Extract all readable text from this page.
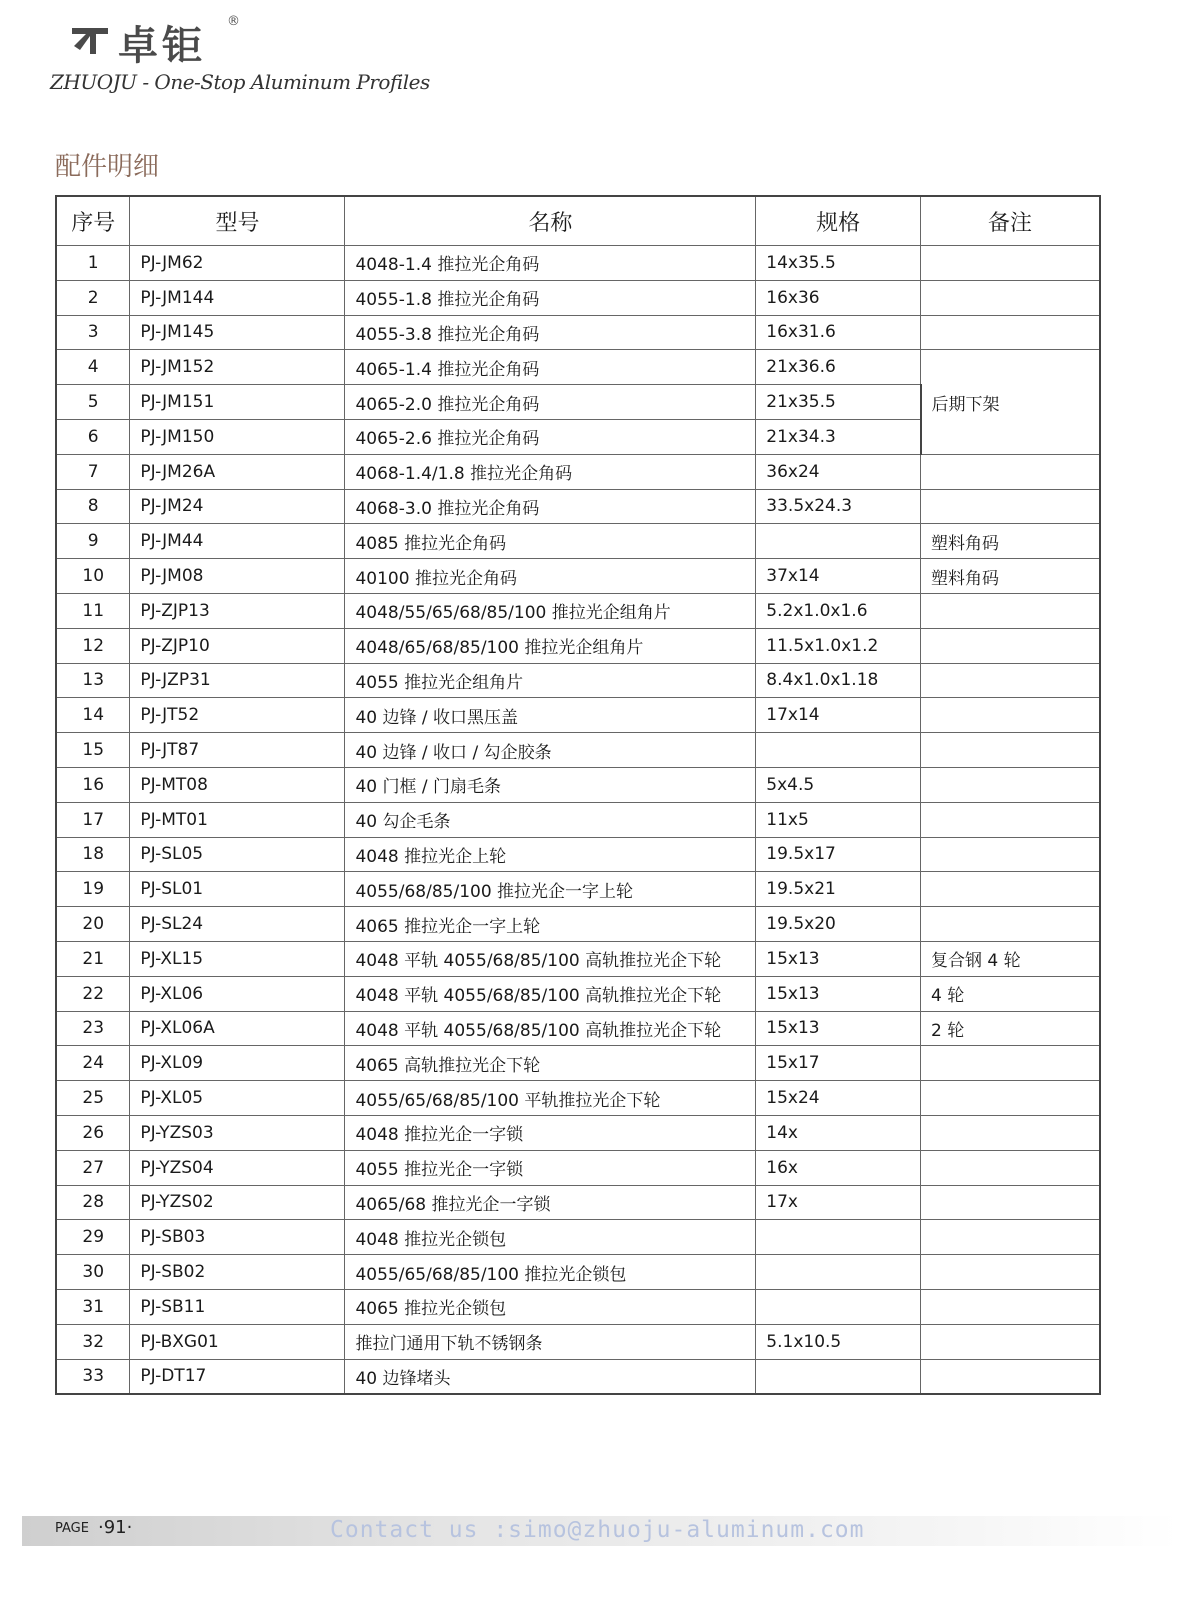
卓钜
®
ZHUOJU - One-Stop Aluminum Profiles
配件明细
序号	型号	名称	规格	备注
1	PJ-JM62	4048-1.4 推拉光企角码	14x35.5	
2	PJ-JM144	4055-1.8 推拉光企角码	16x36	
3	PJ-JM145	4055-3.8 推拉光企角码	16x31.6	
4	PJ-JM152	4065-1.4 推拉光企角码	21x36.6	后期下架
5	PJ-JM151	4065-2.0 推拉光企角码	21x35.5	
6	PJ-JM150	4065-2.6 推拉光企角码	21x34.3	
7	PJ-JM26A	4068-1.4/1.8 推拉光企角码	36x24	
8	PJ-JM24	4068-3.0 推拉光企角码	33.5x24.3	
9	PJ-JM44	4085 推拉光企角码		塑料角码
10	PJ-JM08	40100 推拉光企角码	37x14	塑料角码
11	PJ-ZJP13	4048/55/65/68/85/100 推拉光企组角片	5.2x1.0x1.6	
12	PJ-ZJP10	4048/65/68/85/100 推拉光企组角片	11.5x1.0x1.2	
13	PJ-JZP31	4055 推拉光企组角片	8.4x1.0x1.18	
14	PJ-JT52	40 边锋 / 收口黑压盖	17x14	
15	PJ-JT87	40 边锋 / 收口 / 勾企胶条		
16	PJ-MT08	40 门框 / 门扇毛条	5x4.5	
17	PJ-MT01	40 勾企毛条	11x5	
18	PJ-SL05	4048 推拉光企上轮	19.5x17	
19	PJ-SL01	4055/68/85/100 推拉光企一字上轮	19.5x21	
20	PJ-SL24	4065 推拉光企一字上轮	19.5x20	
21	PJ-XL15	4048 平轨 4055/68/85/100 高轨推拉光企下轮	15x13	复合钢 4 轮
22	PJ-XL06	4048 平轨 4055/68/85/100 高轨推拉光企下轮	15x13	4 轮
23	PJ-XL06A	4048 平轨 4055/68/85/100 高轨推拉光企下轮	15x13	2 轮
24	PJ-XL09	4065 高轨推拉光企下轮	15x17	
25	PJ-XL05	4055/65/68/85/100 平轨推拉光企下轮	15x24	
26	PJ-YZS03	4048 推拉光企一字锁	14x	
27	PJ-YZS04	4055 推拉光企一字锁	16x	
28	PJ-YZS02	4065/68 推拉光企一字锁	17x	
29	PJ-SB03	4048 推拉光企锁包		
30	PJ-SB02	4055/65/68/85/100 推拉光企锁包		
31	PJ-SB11	4065 推拉光企锁包		
32	PJ-BXG01	推拉门通用下轨不锈钢条	5.1x10.5	
33	PJ-DT17	40 边锋堵头		
PAGE ·91·	Contact us :simo@zhuoju-aluminum.com
